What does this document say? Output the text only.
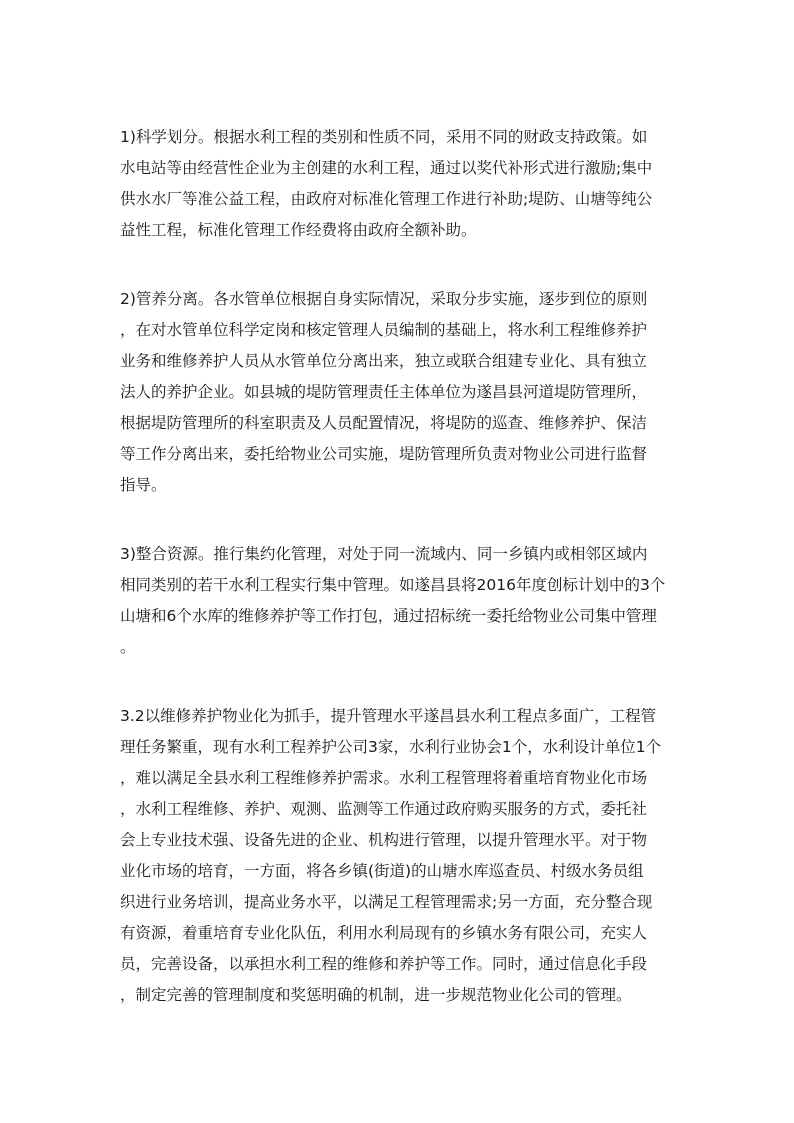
1)科学划分。根据水利工程的类别和性质不同，采用不同的财政支持政策。如
水电站等由经营性企业为主创建的水利工程，通过以奖代补形式进行激励;集中
供水水厂等准公益工程，由政府对标准化管理工作进行补助;堤防、山塘等纯公
益性工程，标准化管理工作经费将由政府全额补助。

2)管养分离。各水管单位根据自身实际情况，采取分步实施，逐步到位的原则
，在对水管单位科学定岗和核定管理人员编制的基础上，将水利工程维修养护
业务和维修养护人员从水管单位分离出来，独立或联合组建专业化、具有独立
法人的养护企业。如县城的堤防管理责任主体单位为遂昌县河道堤防管理所，
根据堤防管理所的科室职责及人员配置情况，将堤防的巡查、维修养护、保洁
等工作分离出来，委托给物业公司实施，堤防管理所负责对物业公司进行监督
指导。

3)整合资源。推行集约化管理，对处于同一流域内、同一乡镇内或相邻区域内
相同类别的若干水利工程实行集中管理。如遂昌县将2016年度创标计划中的3个
山塘和6个水库的维修养护等工作打包，通过招标统一委托给物业公司集中管理
。

3.2以维修养护物业化为抓手，提升管理水平遂昌县水利工程点多面广，工程管
理任务繁重，现有水利工程养护公司3家，水利行业协会1个，水利设计单位1个
，难以满足全县水利工程维修养护需求。水利工程管理将着重培育物业化市场
，水利工程维修、养护、观测、监测等工作通过政府购买服务的方式，委托社
会上专业技术强、设备先进的企业、机构进行管理，以提升管理水平。对于物
业化市场的培育，一方面，将各乡镇(街道)的山塘水库巡查员、村级水务员组
织进行业务培训，提高业务水平，以满足工程管理需求;另一方面，充分整合现
有资源，着重培育专业化队伍，利用水利局现有的乡镇水务有限公司，充实人
员，完善设备，以承担水利工程的维修和养护等工作。同时，通过信息化手段
，制定完善的管理制度和奖惩明确的机制，进一步规范物业化公司的管理。
